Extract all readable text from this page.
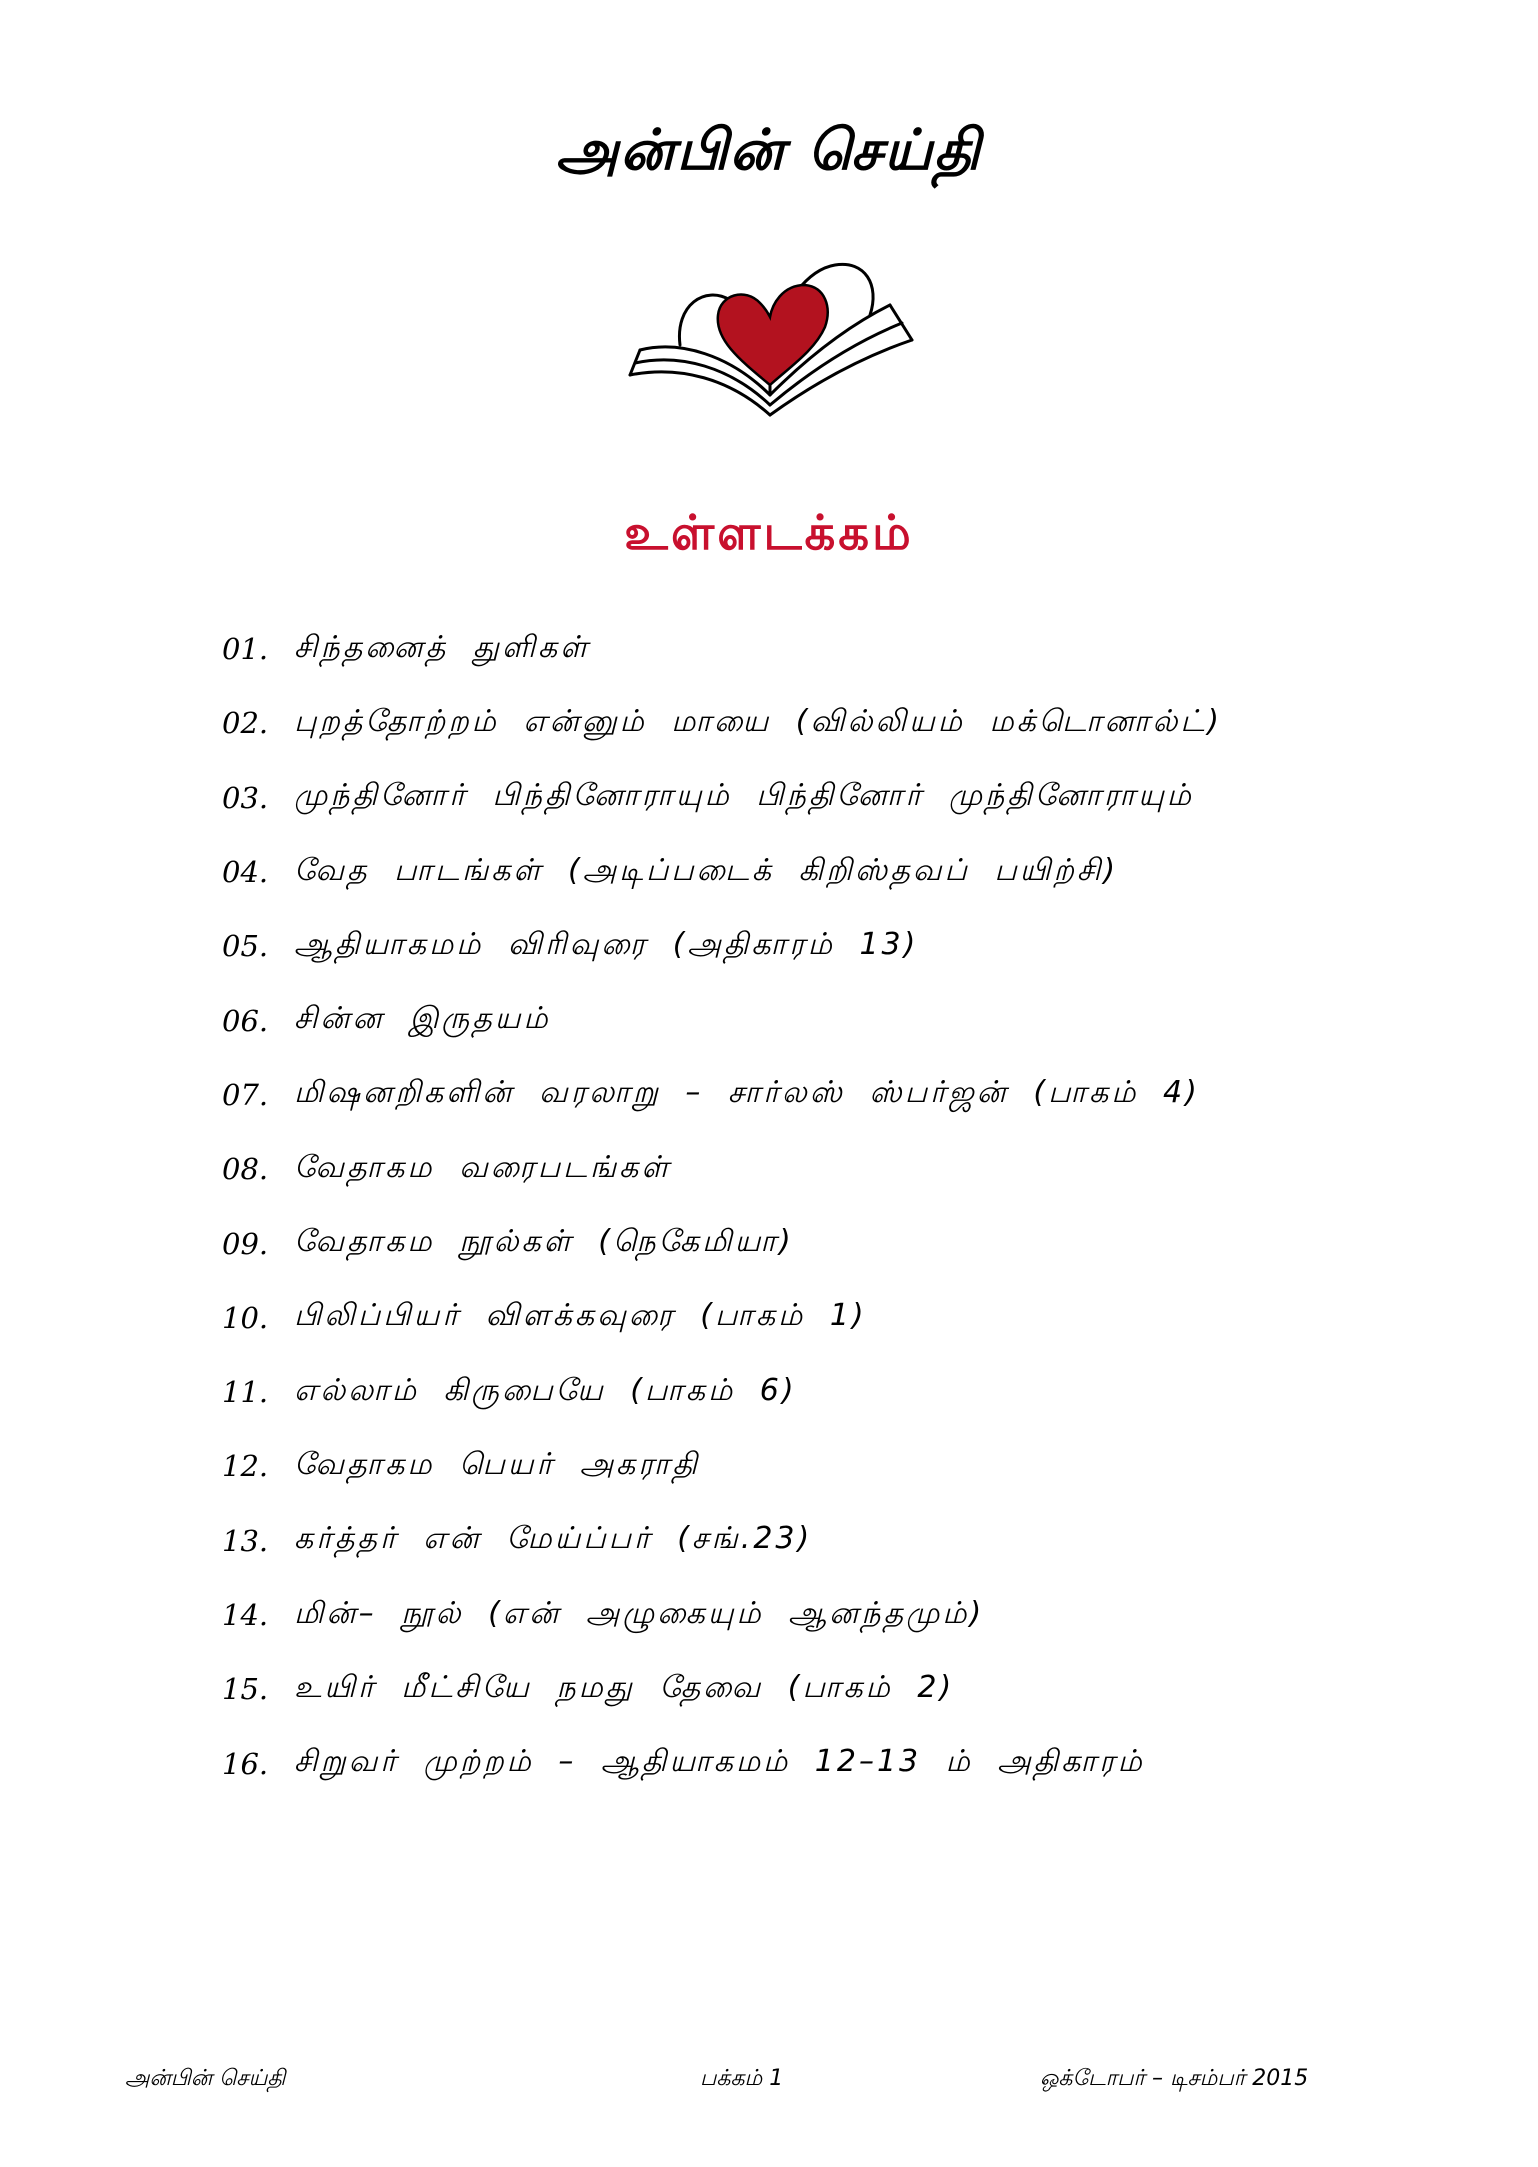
அன்பின் செய்தி
உள்ளடக்கம்
01. சிந்தனைத் துளிகள்
02. புறத்தோற்றம் என்னும் மாயை (வில்லியம் மக்டொனால்ட்)
03. முந்தினோர் பிந்தினோராயும் பிந்தினோர் முந்தினோராயும்
04. வேத பாடங்கள் (அடிப்படைக் கிறிஸ்தவப் பயிற்சி)
05. ஆதியாகமம் விரிவுரை (அதிகாரம் 13)
06. சின்ன இருதயம்
07. மிஷனறிகளின் வரலாறு – சார்லஸ் ஸ்பர்ஜன் (பாகம் 4)
08. வேதாகம வரைபடங்கள்
09. வேதாகம நூல்கள் (நெகேமியா)
10. பிலிப்பியர் விளக்கவுரை (பாகம் 1)
11. எல்லாம் கிருபையே (பாகம் 6)
12. வேதாகம பெயர் அகராதி
13. கர்த்தர் என் மேய்ப்பர் (சங்.23)
14. மின்– நூல் (என் அழுகையும் ஆனந்தமும்)
15. உயிர் மீட்சியே நமது தேவை (பாகம் 2)
16. சிறுவர் முற்றம் – ஆதியாகமம் 12–13 ம் அதிகாரம்
அன்பின் செய்தி	பக்கம் 1	ஒக்டோபர் – டிசம்பர் 2015
